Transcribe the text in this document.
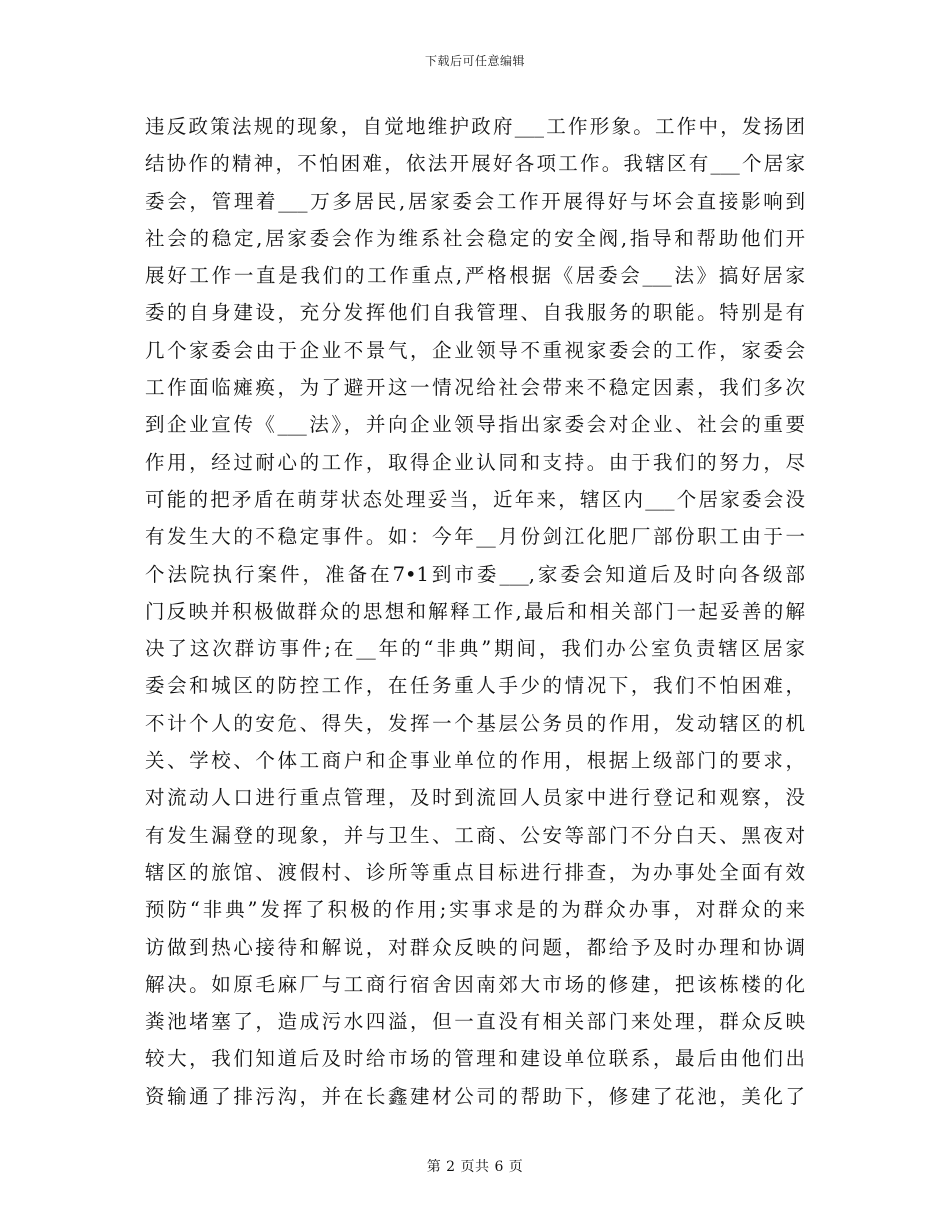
下载后可任意编辑
违反政策法规的现象，自觉地维护政府___工作形象。工作中，发扬团
结协作的精神，不怕困难，依法开展好各项工作。我辖区有___个居家
委会，管理着___万多居民,居家委会工作开展得好与坏会直接影响到
社会的稳定,居家委会作为维系社会稳定的安全阀,指导和帮助他们开
展好工作一直是我们的工作重点,严格根据《居委会___法》搞好居家
委的自身建设，充分发挥他们自我管理、自我服务的职能。特别是有
几个家委会由于企业不景气，企业领导不重视家委会的工作，家委会
工作面临瘫痪，为了避开这一情况给社会带来不稳定因素，我们多次
到企业宣传《___法》，并向企业领导指出家委会对企业、社会的重要
作用，经过耐心的工作，取得企业认同和支持。由于我们的努力，尽
可能的把矛盾在萌芽状态处理妥当，近年来，辖区内___个居家委会没
有发生大的不稳定事件。如：今年__月份剑江化肥厂部份职工由于一
个法院执行案件，准备在7•1到市委___,家委会知道后及时向各级部
门反映并积极做群众的思想和解释工作,最后和相关部门一起妥善的解
决了这次群访事件;在__年的“非典”期间，我们办公室负责辖区居家
委会和城区的防控工作，在任务重人手少的情况下，我们不怕困难，
不计个人的安危、得失，发挥一个基层公务员的作用，发动辖区的机
关、学校、个体工商户和企事业单位的作用，根据上级部门的要求，
对流动人口进行重点管理，及时到流回人员家中进行登记和观察，没
有发生漏登的现象，并与卫生、工商、公安等部门不分白天、黑夜对
辖区的旅馆、渡假村、诊所等重点目标进行排查，为办事处全面有效
预防“非典”发挥了积极的作用;实事求是的为群众办事，对群众的来
访做到热心接待和解说，对群众反映的问题，都给予及时办理和协调
解决。如原毛麻厂与工商行宿舍因南郊大市场的修建，把该栋楼的化
粪池堵塞了，造成污水四溢，但一直没有相关部门来处理，群众反映
较大，我们知道后及时给市场的管理和建设单位联系，最后由他们出
资输通了排污沟，并在长鑫建材公司的帮助下，修建了花池，美化了
第 2 页共 6 页
